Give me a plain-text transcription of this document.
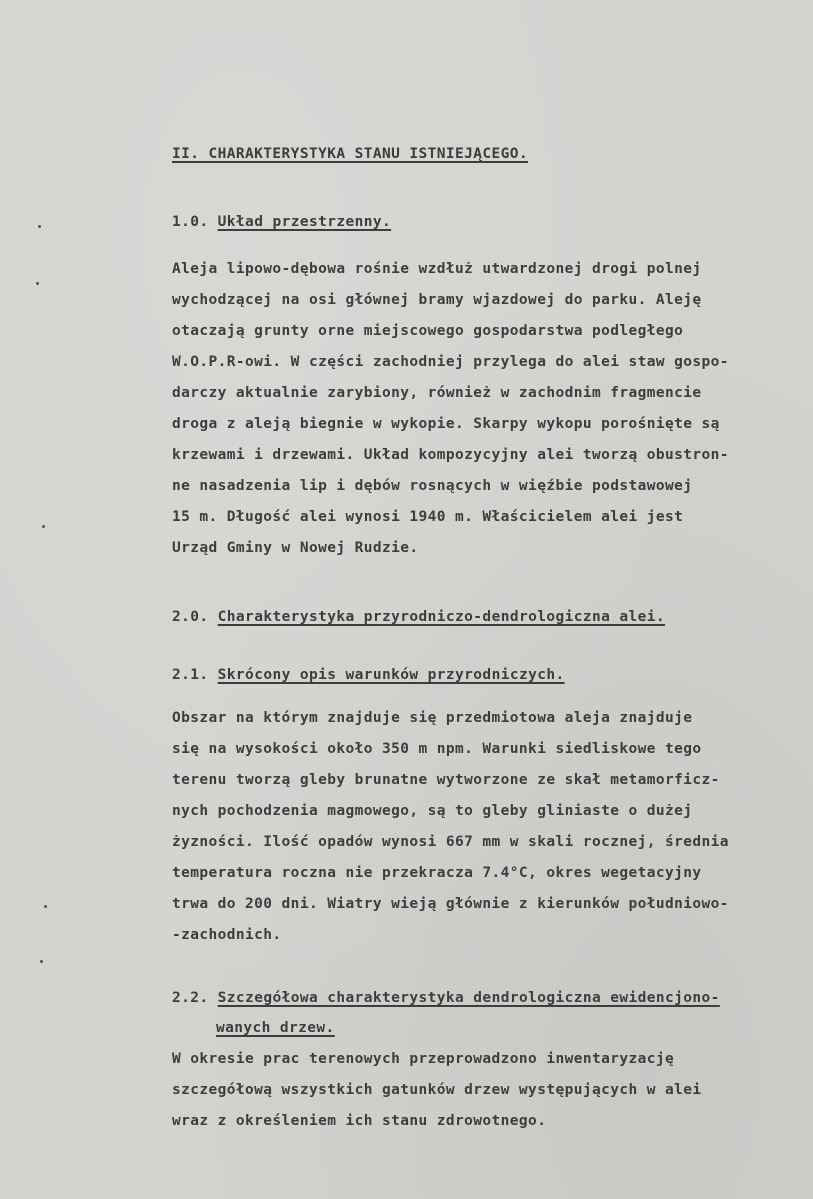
II. CHARAKTERYSTYKA STANU ISTNIEJĄCEGO.
1.0. Układ przestrzenny.
Aleja lipowo-dębowa rośnie wzdłuż utwardzonej drogi polnej
wychodzącej na osi głównej bramy wjazdowej do parku. Aleję
otaczają grunty orne miejscowego gospodarstwa podległego
W.O.P.R-owi. W części zachodniej przylega do alei staw gospo-
darczy aktualnie zarybiony, również w zachodnim fragmencie
droga z aleją biegnie w wykopie. Skarpy wykopu porośnięte są
krzewami i drzewami. Układ kompozycyjny alei tworzą obustron-
ne nasadzenia lip i dębów rosnących w więźbie podstawowej
15 m. Długość alei wynosi 1940 m. Właścicielem alei jest
Urząd Gminy w Nowej Rudzie.
2.0. Charakterystyka przyrodniczo-dendrologiczna alei.
2.1. Skrócony opis warunków przyrodniczych.
Obszar na którym znajduje się przedmiotowa aleja znajduje
się na wysokości około 350 m npm. Warunki siedliskowe tego
terenu tworzą gleby brunatne wytworzone ze skał metamorficz-
nych pochodzenia magmowego, są to gleby gliniaste o dużej
żyzności. Ilość opadów wynosi 667 mm w skali rocznej, średnia
temperatura roczna nie przekracza 7.4°C, okres wegetacyjny
trwa do 200 dni. Wiatry wieją głównie z kierunków południowo-
-zachodnich.
2.2. Szczegółowa charakterystyka dendrologiczna ewidencjono-
wanych drzew.
W okresie prac terenowych przeprowadzono inwentaryzację
szczegółową wszystkich gatunków drzew występujących w alei
wraz z określeniem ich stanu zdrowotnego.
